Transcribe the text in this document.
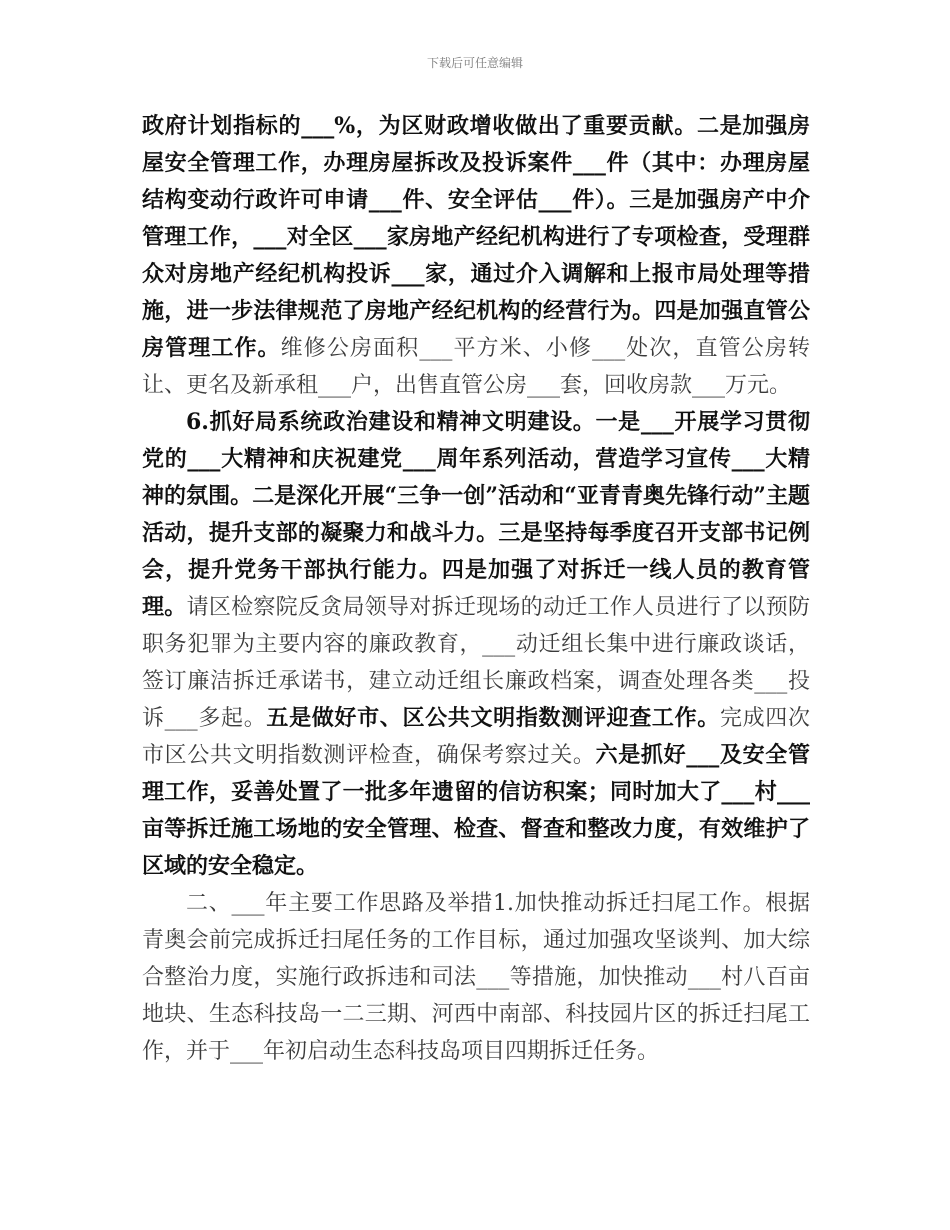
下载后可任意编辑

政府计划指标的___%，为区财政增收做出了重要贡献。二是加强房屋安全管理工作，办理房屋拆改及投诉案件___件（其中：办理房屋结构变动行政许可申请___件、安全评估___件）。三是加强房产中介管理工作，___对全区___家房地产经纪机构进行了专项检查，受理群众对房地产经纪机构投诉___家，通过介入调解和上报市局处理等措施，进一步法律规范了房地产经纪机构的经营行为。四是加强直管公房管理工作。维修公房面积___平方米、小修___处次，直管公房转让、更名及新承租___户，出售直管公房___套，回收房款___万元。

6.抓好局系统政治建设和精神文明建设。一是___开展学习贯彻党的___大精神和庆祝建党___周年系列活动，营造学习宣传___大精神的氛围。二是深化开展“三争一创”活动和“亚青青奥先锋行动”主题活动，提升支部的凝聚力和战斗力。三是坚持每季度召开支部书记例会，提升党务干部执行能力。四是加强了对拆迁一线人员的教育管理。请区检察院反贪局领导对拆迁现场的动迁工作人员进行了以预防职务犯罪为主要内容的廉政教育，___动迁组长集中进行廉政谈话，签订廉洁拆迁承诺书，建立动迁组长廉政档案，调查处理各类___投诉___多起。五是做好市、区公共文明指数测评迎查工作。完成四次市区公共文明指数测评检查，确保考察过关。六是抓好___及安全管理工作，妥善处置了一批多年遗留的信访积案；同时加大了___村___亩等拆迁施工场地的安全管理、检查、督查和整改力度，有效维护了区域的安全稳定。

二、___年主要工作思路及举措1.加快推动拆迁扫尾工作。根据青奥会前完成拆迁扫尾任务的工作目标，通过加强攻坚谈判、加大综合整治力度，实施行政拆违和司法___等措施，加快推动___村八百亩地块、生态科技岛一二三期、河西中南部、科技园片区的拆迁扫尾工作，并于___年初启动生态科技岛项目四期拆迁任务。
